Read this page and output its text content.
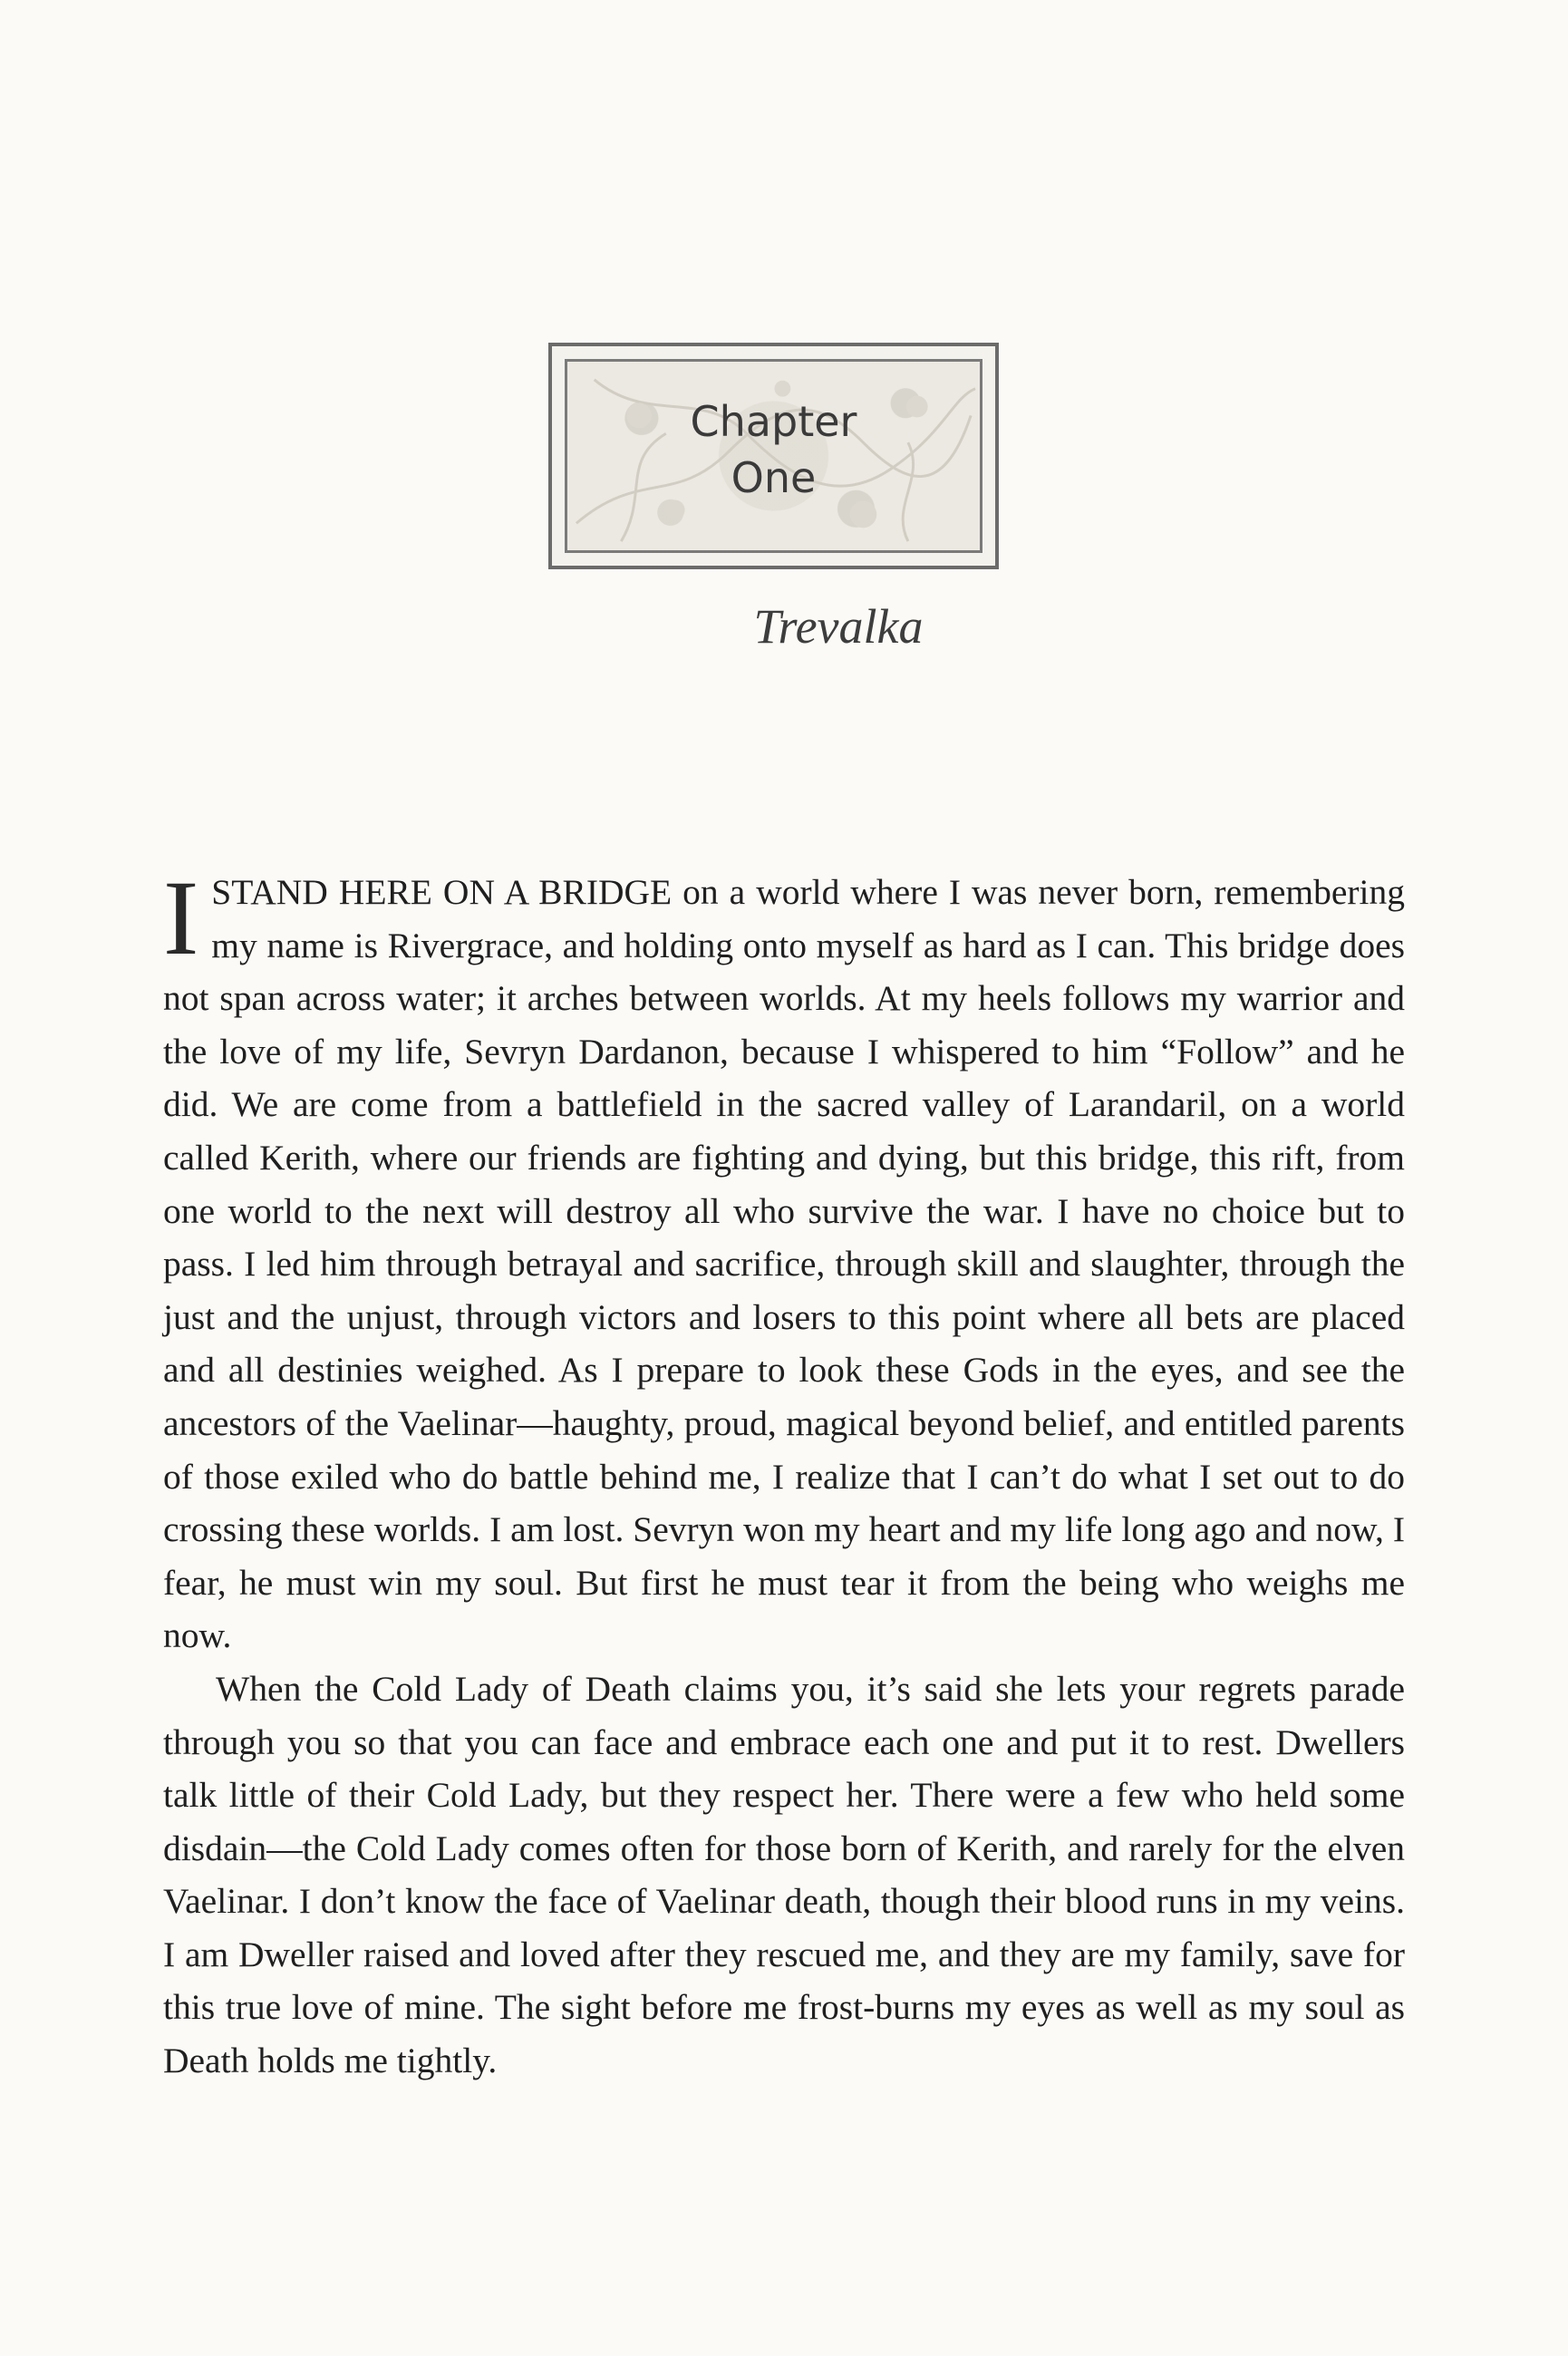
Chapter
One
Trevalka

ISTAND HERE ON A BRIDGE on a world where I was never born, remembering my name is Rivergrace, and holding onto myself as hard as I can. This bridge does not span across water; it arches between worlds. At my heels follows my warrior and the love of my life, Sevryn Dardanon, because I whispered to him “Follow” and he did. We are come from a battlefield in the sacred valley of Larandaril, on a world called Kerith, where our friends are fighting and dying, but this bridge, this rift, from one world to the next will destroy all who survive the war. I have no choice but to pass. I led him through betrayal and sacrifice, through skill and slaughter, through the just and the unjust, through victors and losers to this point where all bets are placed and all destinies weighed. As I prepare to look these Gods in the eyes, and see the ancestors of the Vaelinar—haughty, proud, magical beyond belief, and entitled parents of those exiled who do battle behind me, I realize that I can’t do what I set out to do crossing these worlds. I am lost. Sevryn won my heart and my life long ago and now, I fear, he must win my soul. But first he must tear it from the being who weighs me now.

When the Cold Lady of Death claims you, it’s said she lets your regrets parade through you so that you can face and embrace each one and put it to rest. Dwellers talk little of their Cold Lady, but they respect her. There were a few who held some disdain—the Cold Lady comes often for those born of Kerith, and rarely for the elven Vaelinar. I don’t know the face of Vaelinar death, though their blood runs in my veins. I am Dweller raised and loved after they rescued me, and they are my family, save for this true love of mine. The sight before me frost-burns my eyes as well as my soul as Death holds me tightly.
